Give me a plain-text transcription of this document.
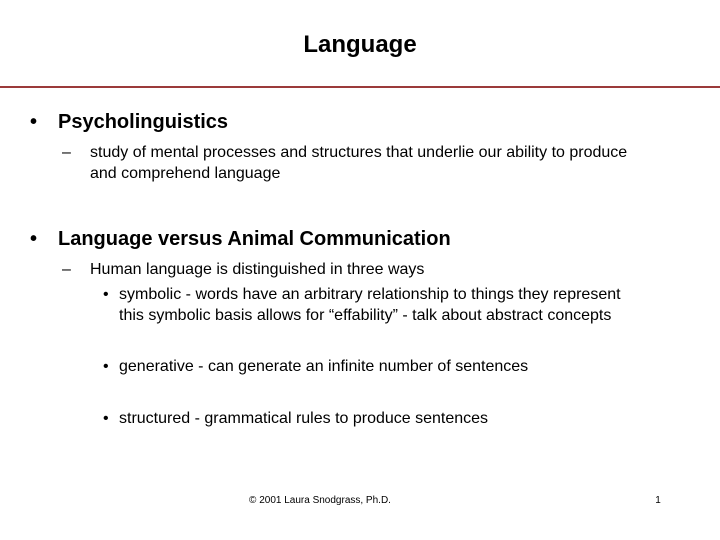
Language
• Psycholinguistics
– study of mental processes and structures that underlie our ability to produce
and comprehend language
• Language versus Animal Communication
– Human language is distinguished in three ways
• symbolic - words have an arbitrary relationship to things they represent
this symbolic basis allows for “effability” - talk about abstract concepts
• generative - can generate an infinite number of sentences
• structured - grammatical rules to produce sentences
© 2001 Laura Snodgrass, Ph.D.	1
